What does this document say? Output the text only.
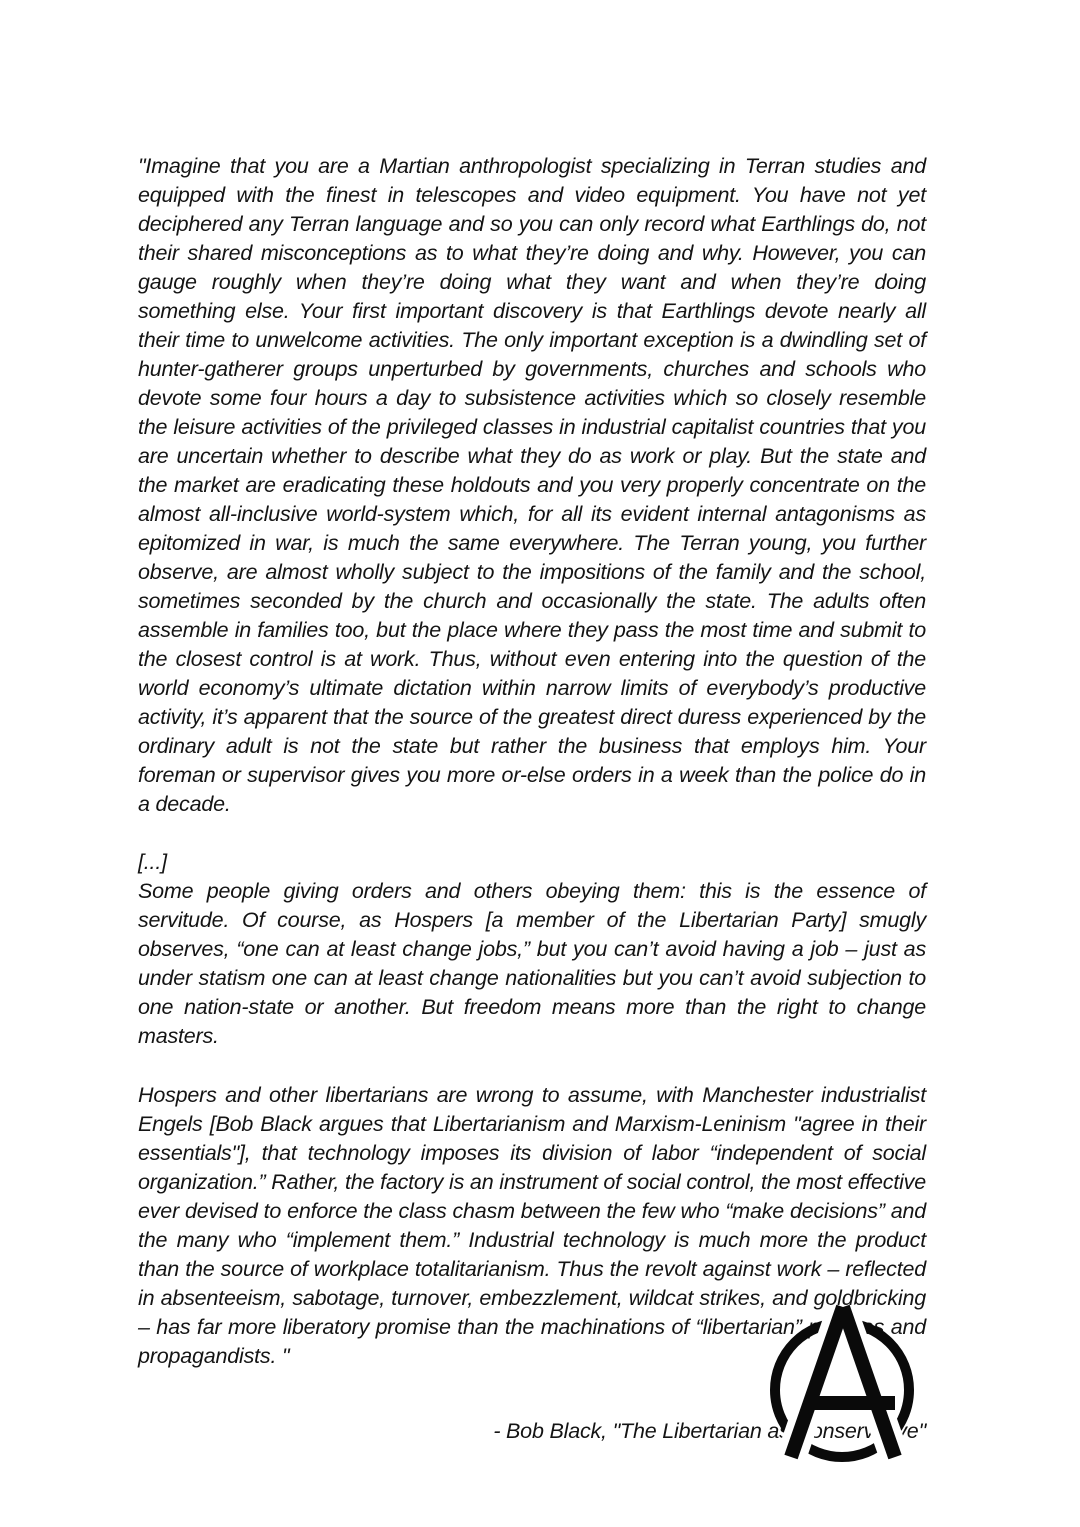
"Imagine that you are a Martian anthropologist specializing in Terran studies and equipped with the finest in telescopes and video equipment. You have not yet deciphered any Terran language and so you can only record what Earthlings do, not their shared misconceptions as to what they’re doing and why. However, you can gauge roughly when they’re doing what they want and when they’re doing something else. Your first important discovery is that Earthlings devote nearly all their time to unwelcome activities. The only important exception is a dwindling set of hunter-gatherer groups unperturbed by governments, churches and schools who devote some four hours a day to subsistence activities which so closely resemble the leisure activities of the privileged classes in industrial capitalist countries that you are uncertain whether to describe what they do as work or play. But the state and the market are eradicating these holdouts and you very properly concentrate on the almost all-inclusive world-system which, for all its evident internal antagonisms as epitomized in war, is much the same everywhere. The Terran young, you further observe, are almost wholly subject to the impositions of the family and the school, sometimes seconded by the church and occasionally the state. The adults often assemble in families too, but the place where they pass the most time and submit to the closest control is at work. Thus, without even entering into the question of the world economy’s ultimate dictation within narrow limits of everybody’s productive activity, it’s apparent that the source of the greatest direct duress experienced by the ordinary adult is not the state but rather the business that employs him. Your foreman or supervisor gives you more or-else orders in a week than the police do in a decade.

[...]

Some people giving orders and others obeying them: this is the essence of servitude. Of course, as Hospers [a member of the Libertarian Party] smugly observes, “one can at least change jobs,” but you can’t avoid having a job – just as under statism one can at least change nationalities but you can’t avoid subjection to one nation-state or another. But freedom means more than the right to change masters.

Hospers and other libertarians are wrong to assume, with Manchester industrialist Engels [Bob Black argues that Libertarianism and Marxism-Leninism "agree in their essentials"], that technology imposes its division of labor “independent of social organization.” Rather, the factory is an instrument of social control, the most effective ever devised to enforce the class chasm between the few who “make decisions” and the many who “implement them.” Industrial technology is much more the product than the source of workplace totalitarianism. Thus the revolt against work – reflected in absenteeism, sabotage, turnover, embezzlement, wildcat strikes, and goldbricking – has far more liberatory promise than the machinations of “libertarian” politicos and propagandists. "

- Bob Black, "The Libertarian as Conservative"
